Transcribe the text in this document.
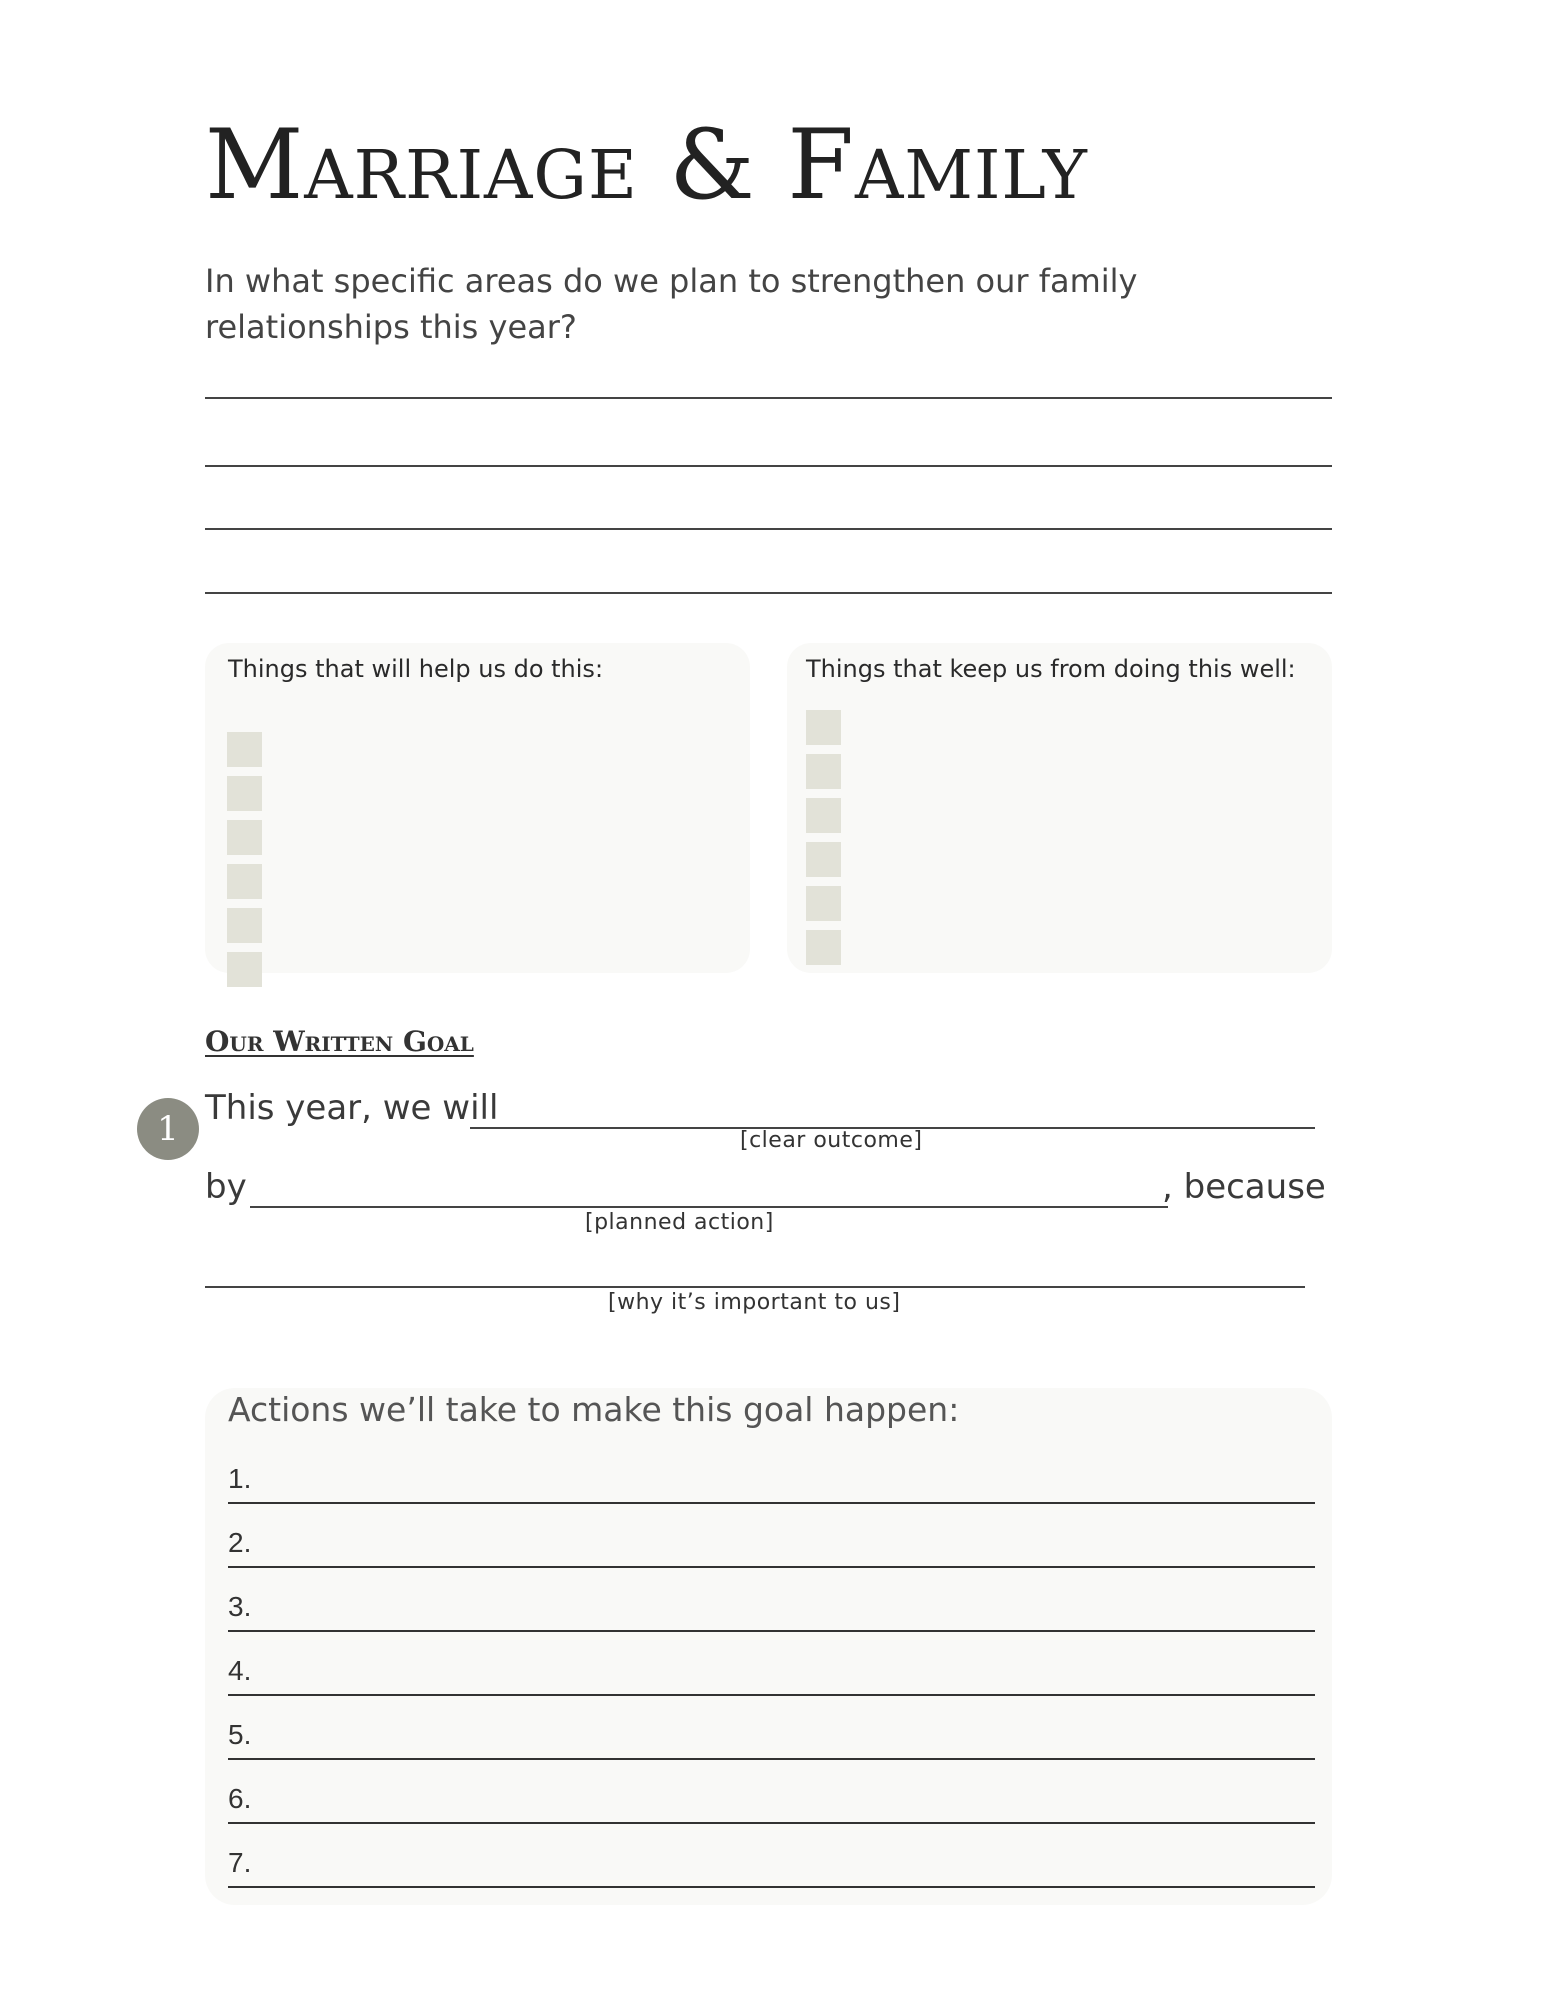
Marriage & Family
In what specific areas do we plan to strengthen our family relationships this year?
Things that will help us do this:	Things that keep us from doing this well:
Our Written Goal
1
This year, we will
[clear outcome]
by	, because
[planned action]
[why it’s important to us]
Actions we’ll take to make this goal happen:
1.
2.
3.
4.
5.
6.
7.
